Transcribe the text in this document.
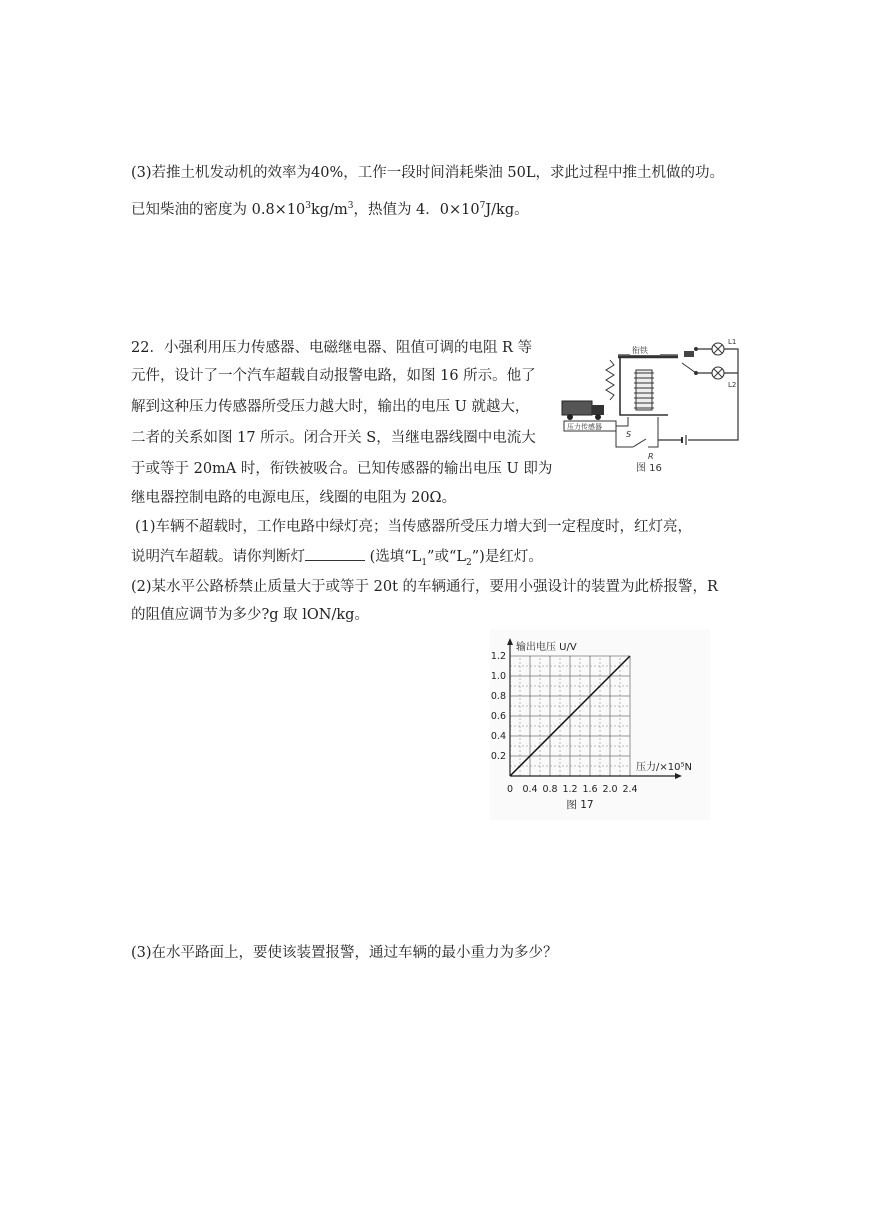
(3)若推土机发动机的效率为40%，工作一段时间消耗柴油 50L，求此过程中推土机做的功。
已知柴油的密度为 $0.8\times 10^3kg/m^3$，热值为 4．$0\times 10^7J/kg$。
22．小强利用压力传感器、电磁继电器、阻值可调的电阻 R 等
元件，设计了一个汽车超载自动报警电路，如图 16 所示。他了
解到这种压力传感器所受压力越大时，输出的电压 U 就越大，
二者的关系如图 17 所示。闭合开关 S，当继电器线圈中电流大
于或等于 20mA 时，衔铁被吸合。已知传感器的输出电压 U 即为
继电器控制电路的电源电压，线圈的电阻为 20Ω。
(1)车辆不超载时，工作电路中绿灯亮；当传感器所受压力增大到一定程度时，红灯亮，
说明汽车超载。请你判断灯	(选填“$L_1$”或“$L_2$”)是红灯。
(2)某水平公路桥禁止质量大于或等于 20t 的车辆通行，要用小强设计的装置为此桥报警，R
的阻值应调节为多少?g 取 lON/kg。
(3)在水平路面上，要使该装置报警，通过车辆的最小重力为多少？
L1
L2
衔铁
压力传感器
S
R
图 16
0 0.4 0.8 1.2 1.6 2.0 2.4
0.2
0.4
0.6
0.8
1.0
1.2
压力/×10⁵N
输出电压 U/V
图 17
